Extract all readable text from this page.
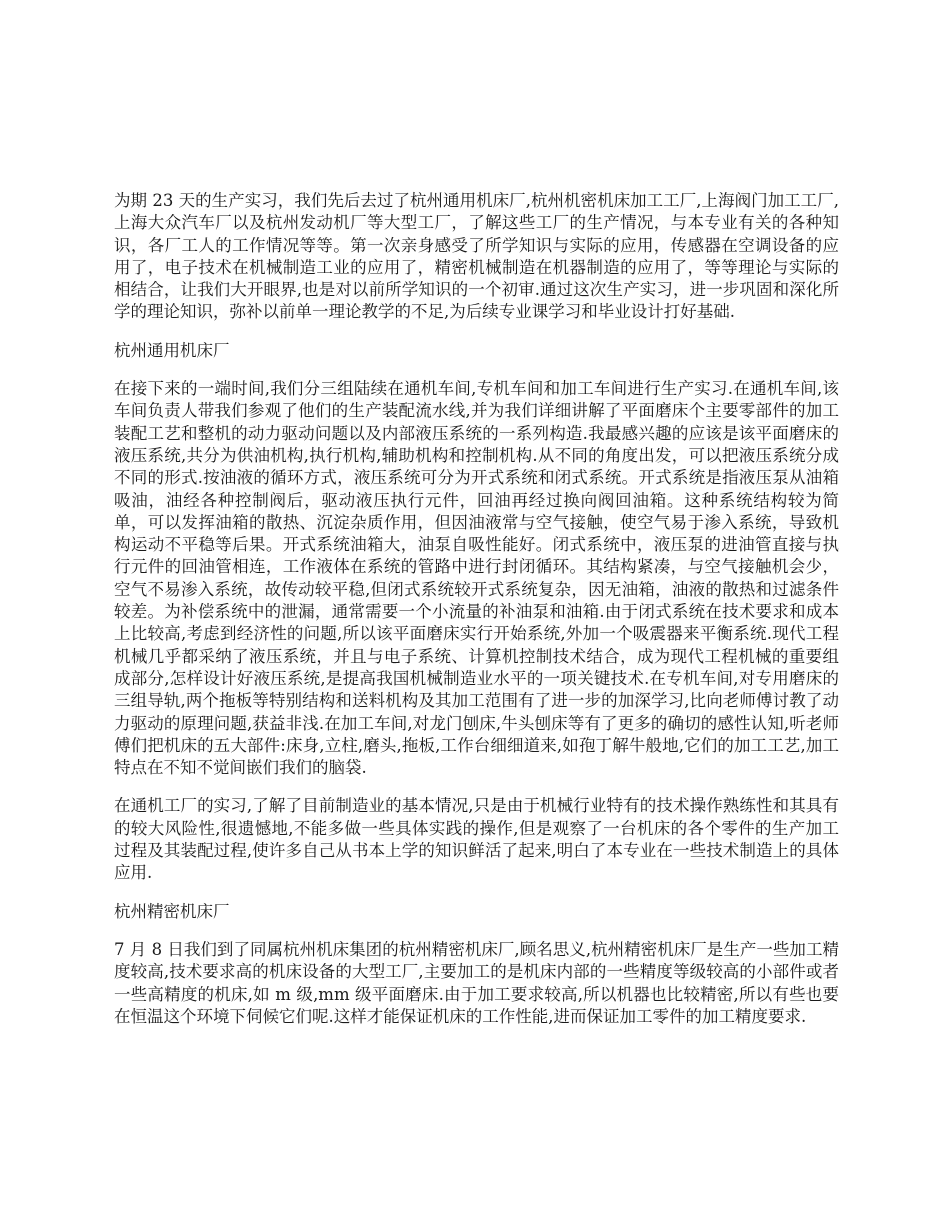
为期 23 天的生产实习，我们先后去过了杭州通用机床厂,杭州机密机床加工工厂,上海阀门加工工厂,上海大众汽车厂以及杭州发动机厂等大型工厂，了解这些工厂的生产情况，与本专业有关的各种知识，各厂工人的工作情况等等。第一次亲身感受了所学知识与实际的应用，传感器在空调设备的应用了，电子技术在机械制造工业的应用了，精密机械制造在机器制造的应用了，等等理论与实际的相结合，让我们大开眼界,也是对以前所学知识的一个初审.通过这次生产实习，进一步巩固和深化所学的理论知识，弥补以前单一理论教学的不足,为后续专业课学习和毕业设计打好基础.

杭州通用机床厂

在接下来的一端时间,我们分三组陆续在通机车间,专机车间和加工车间进行生产实习.在通机车间,该车间负责人带我们参观了他们的生产装配流水线,并为我们详细讲解了平面磨床个主要零部件的加工装配工艺和整机的动力驱动问题以及内部液压系统的一系列构造.我最感兴趣的应该是该平面磨床的液压系统,共分为供油机构,执行机构,辅助机构和控制机构.从不同的角度出发，可以把液压系统分成不同的形式.按油液的循环方式，液压系统可分为开式系统和闭式系统。开式系统是指液压泵从油箱吸油，油经各种控制阀后，驱动液压执行元件，回油再经过换向阀回油箱。这种系统结构较为简单，可以发挥油箱的散热、沉淀杂质作用，但因油液常与空气接触，使空气易于渗入系统，导致机构运动不平稳等后果。开式系统油箱大，油泵自吸性能好。闭式系统中，液压泵的进油管直接与执行元件的回油管相连，工作液体在系统的管路中进行封闭循环。其结构紧凑，与空气接触机会少，空气不易渗入系统，故传动较平稳,但闭式系统较开式系统复杂，因无油箱，油液的散热和过滤条件较差。为补偿系统中的泄漏，通常需要一个小流量的补油泵和油箱.由于闭式系统在技术要求和成本上比较高,考虑到经济性的问题,所以该平面磨床实行开始系统,外加一个吸震器来平衡系统.现代工程机械几乎都采纳了液压系统，并且与电子系统、计算机控制技术结合，成为现代工程机械的重要组成部分,怎样设计好液压系统,是提高我国机械制造业水平的一项关键技术.在专机车间,对专用磨床的三组导轨,两个拖板等特别结构和送料机构及其加工范围有了进一步的加深学习,比向老师傅讨教了动力驱动的原理问题,获益非浅.在加工车间,对龙门刨床,牛头刨床等有了更多的确切的感性认知,听老师傅们把机床的五大部件:床身,立柱,磨头,拖板,工作台细细道来,如孢丁解牛般地,它们的加工工艺,加工特点在不知不觉间嵌们我们的脑袋.

在通机工厂的实习,了解了目前制造业的基本情况,只是由于机械行业特有的技术操作熟练性和其具有的较大风险性,很遗憾地,不能多做一些具体实践的操作,但是观察了一台机床的各个零件的生产加工过程及其装配过程,使许多自己从书本上学的知识鲜活了起来,明白了本专业在一些技术制造上的具体应用.

杭州精密机床厂

7 月 8 日我们到了同属杭州机床集团的杭州精密机床厂,顾名思义,杭州精密机床厂是生产一些加工精度较高,技术要求高的机床设备的大型工厂,主要加工的是机床内部的一些精度等级较高的小部件或者一些高精度的机床,如 m 级,mm 级平面磨床.由于加工要求较高,所以机器也比较精密,所以有些也要在恒温这个环境下伺候它们呢.这样才能保证机床的工作性能,进而保证加工零件的加工精度要求.
